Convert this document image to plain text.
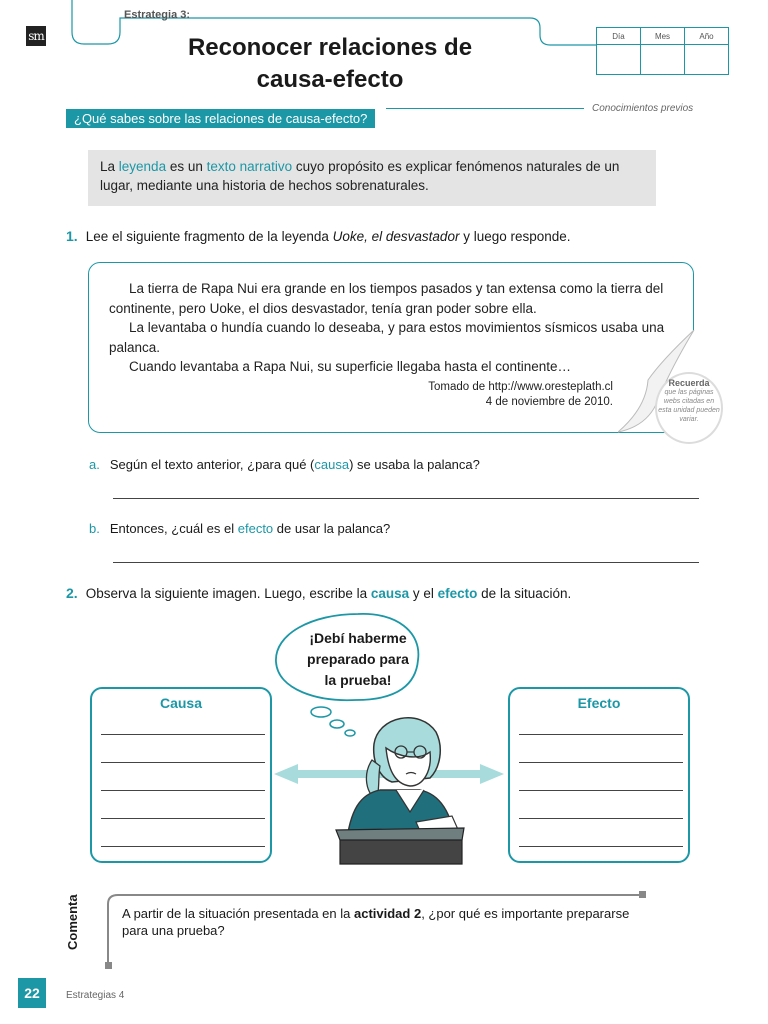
sm
Estrategia 3:
Reconocer relaciones de
causa-efecto
Día	Mes	Año

¿Qué sabes sobre las relaciones de causa-efecto?
Conocimientos previos
La leyenda es un texto narrativo cuyo propósito es explicar fenómenos naturales de un lugar, mediante una historia de hechos sobrenaturales.
1. Lee el siguiente fragmento de la leyenda Uoke, el desvastador y luego responde.

La tierra de Rapa Nui era grande en los tiempos pasados y tan extensa como la tierra del continente, pero Uoke, el dios desvastador, tenía gran poder sobre ella.

La levantaba o hundía cuando lo deseaba, y para estos movimientos sísmicos usaba una palanca.

Cuando levantaba a Rapa Nui, su superficie llegaba hasta el continente…

Tomado de http://www.oresteplath.cl
4 de noviembre de 2010.
Recuerda
que las páginas webs citadas en esta unidad pueden variar.
a. Según el texto anterior, ¿para qué (causa) se usaba la palanca?
b. Entonces, ¿cuál es el efecto de usar la palanca?
2. Observa la siguiente imagen. Luego, escribe la causa y el efecto de la situación.
¡Debí haberme
preparado para
la prueba!
Causa	Efecto
Comenta	A partir de la situación presentada en la actividad 2, ¿por qué es importante prepararse para una prueba?
22	Estrategias 4
